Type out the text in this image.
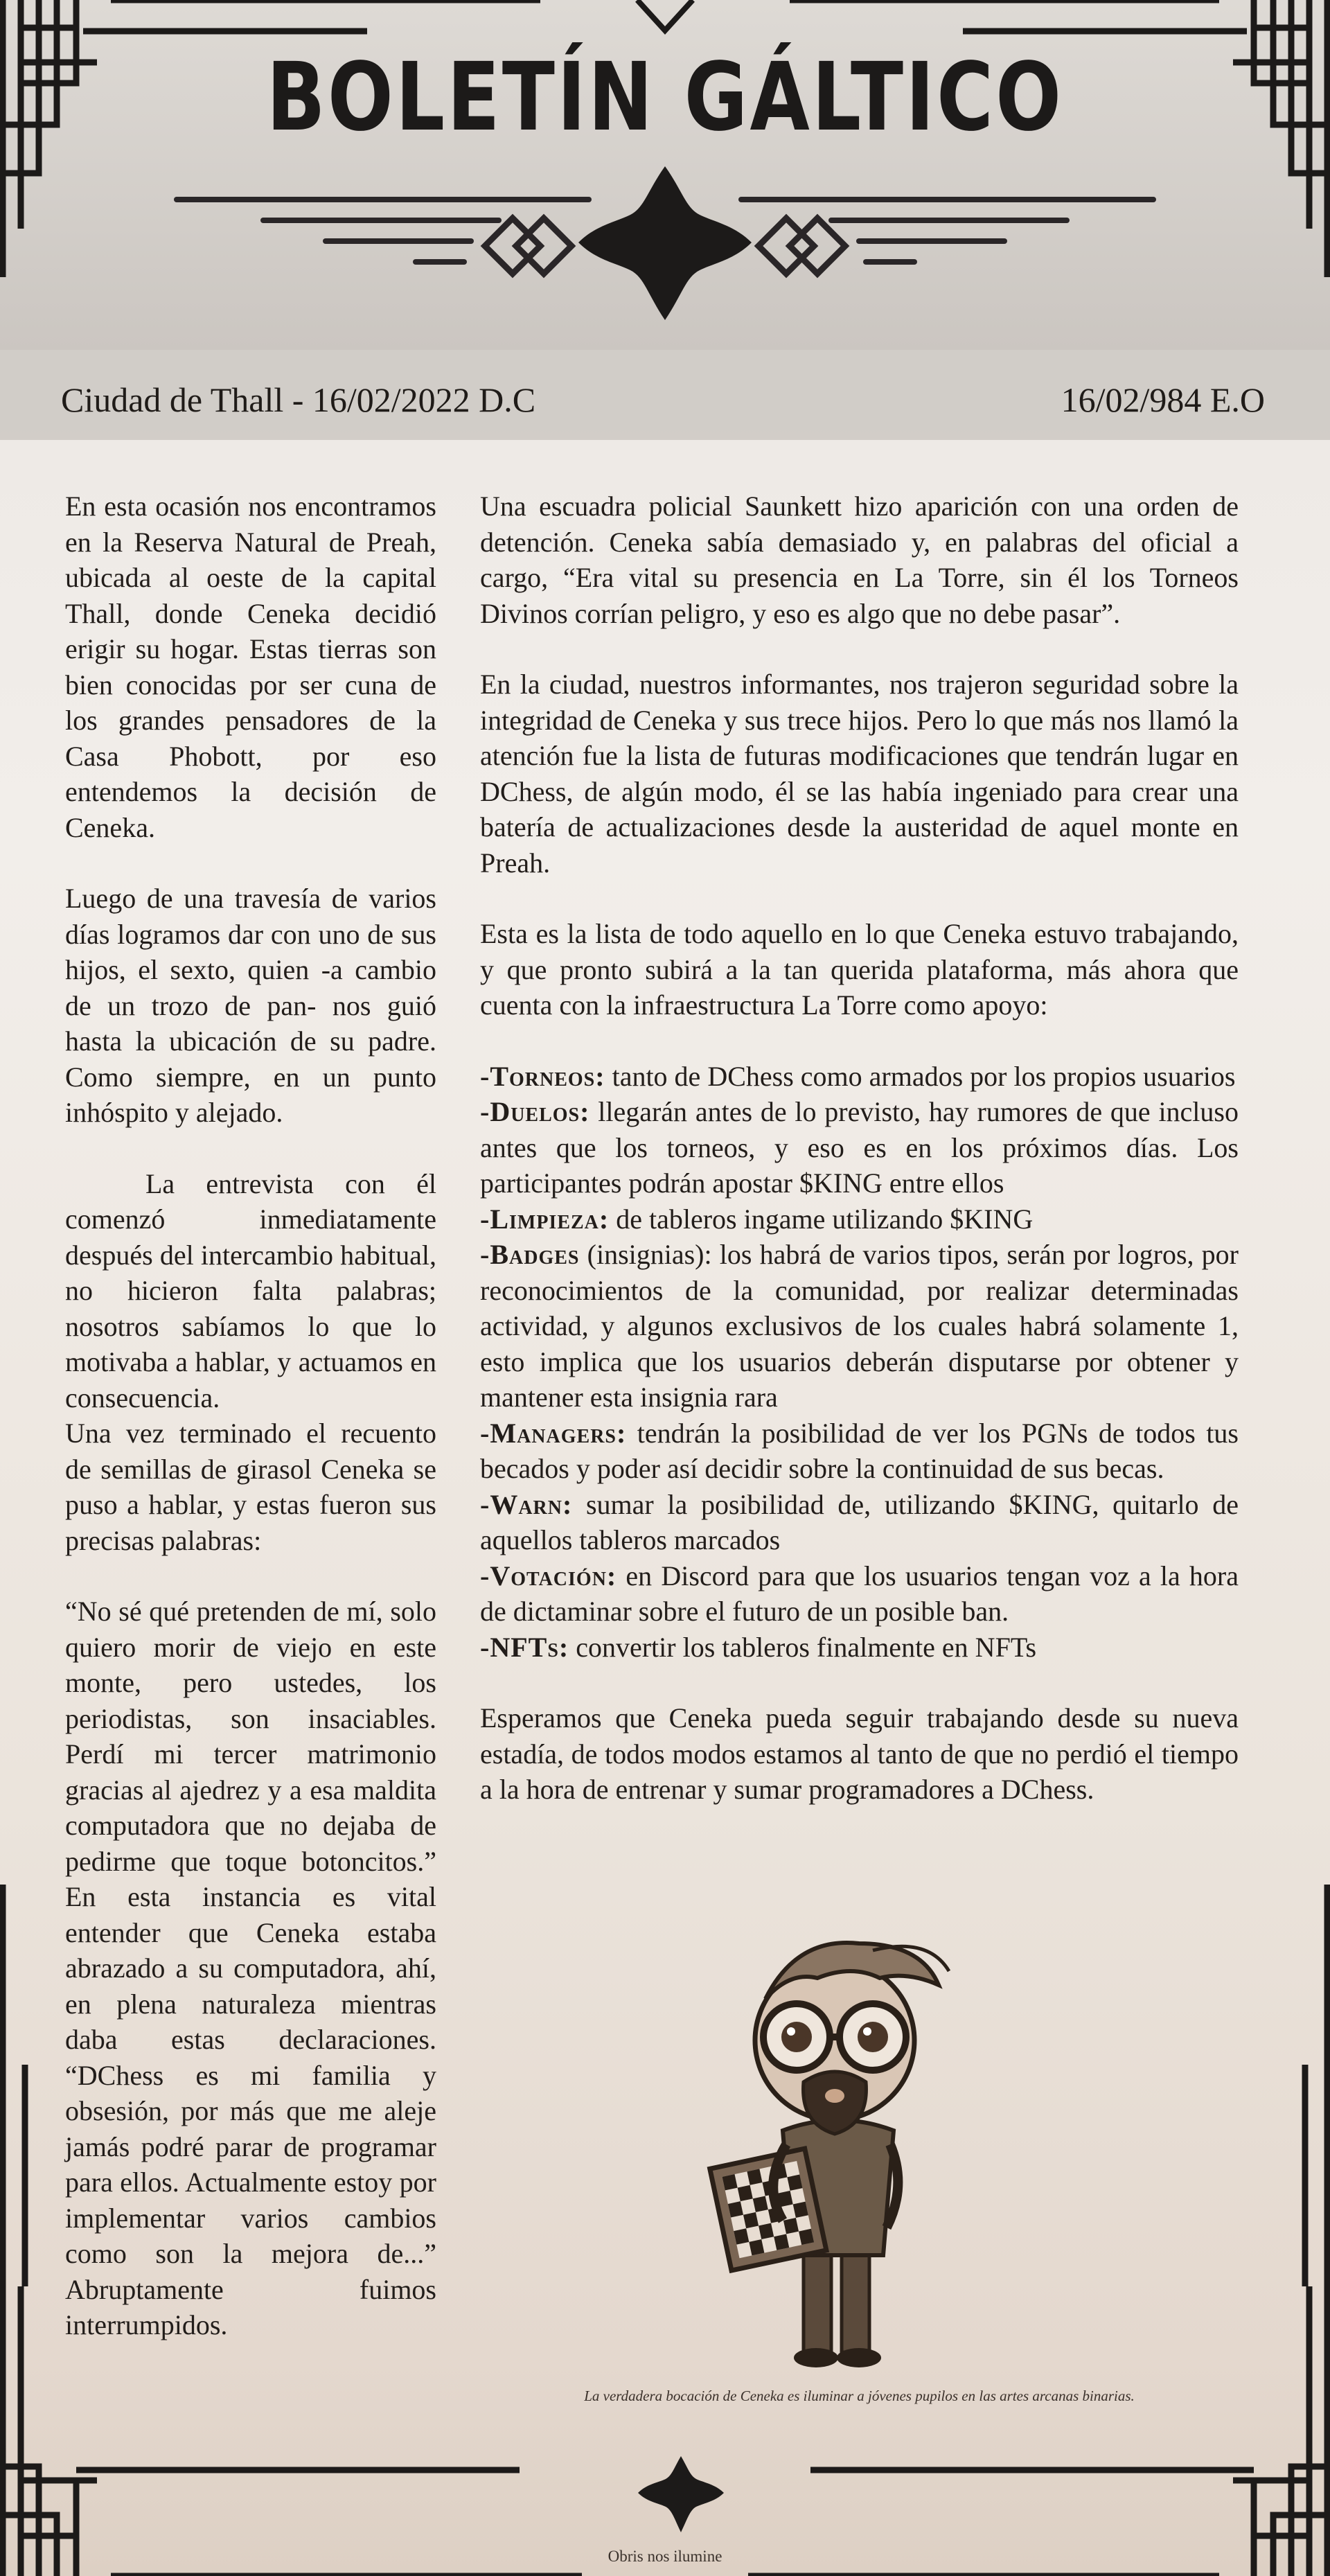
BOLETÍN GÁLTICO
Ciudad de Thall - 16/02/2022 D.C	16/02/984 E.O

En esta ocasión nos encontramos en la Reserva Natural de Preah, ubicada al oeste de la capital Thall, donde Ceneka decidió erigir su hogar. Estas tierras son bien conocidas por ser cuna de los grandes pensadores de la Casa Phobott, por eso entendemos la decisión de Ceneka.

Luego de una travesía de varios días logramos dar con uno de sus hijos, el sexto, quien -a cambio de un trozo de pan- nos guió hasta la ubicación de su padre. Como siempre, en un punto inhóspito y alejado.

La entrevista con él comenzó inmediatamente después del intercambio habitual, no hicieron falta palabras; nosotros sabíamos lo que lo motivaba a hablar, y actuamos en consecuencia.

Una vez terminado el recuento de semillas de girasol Ceneka se puso a hablar, y estas fueron sus precisas palabras:

“No sé qué pretenden de mí, solo quiero morir de viejo en este monte, pero ustedes, los periodistas, son insaciables. Perdí mi tercer matrimonio gracias al ajedrez y a esa maldita computadora que no dejaba de pedirme que toque botoncitos.” En esta instancia es vital entender que Ceneka estaba abrazado a su computadora, ahí, en plena naturaleza mientras daba estas declaraciones. “DChess es mi familia y obsesión, por más que me aleje jamás podré parar de programar para ellos. Actualmente estoy por implementar varios cambios como son la mejora de...” Abruptamente fuimos interrumpidos.

Una escuadra policial Saunkett hizo aparición con una orden de detención. Ceneka sabía demasiado y, en palabras del oficial a cargo, “Era vital su presencia en La Torre, sin él los Torneos Divinos corrían peligro, y eso es algo que no debe pasar”.

En la ciudad, nuestros informantes, nos trajeron seguridad sobre la integridad de Ceneka y sus trece hijos. Pero lo que más nos llamó la atención fue la lista de futuras modificaciones que tendrán lugar en DChess, de algún modo, él se las había ingeniado para crear una batería de actualizaciones desde la austeridad de aquel monte en Preah.

Esta es la lista de todo aquello en lo que Ceneka estuvo trabajando, y que pronto subirá a la tan querida plataforma, más ahora que cuenta con la infraestructura La Torre como apoyo:

-Torneos: tanto de DChess como armados por los propios usuarios

-Duelos: llegarán antes de lo previsto, hay rumores de que incluso antes que los torneos, y eso es en los próximos días. Los participantes podrán apostar $KING entre ellos

-Limpieza: de tableros ingame utilizando $KING

-Badges (insignias): los habrá de varios tipos, serán por logros, por reconocimientos de la comunidad, por realizar determinadas actividad, y algunos exclusivos de los cuales habrá solamente 1, esto implica que los usuarios deberán disputarse por obtener y mantener esta insignia rara

-Managers: tendrán la posibilidad de ver los PGNs de todos tus becados y poder así decidir sobre la continuidad de sus becas.

-Warn: sumar la posibilidad de, utilizando $KING, quitarlo de aquellos tableros marcados

-Votación: en Discord para que los usuarios tengan voz a la hora de dictaminar sobre el futuro de un posible ban.

-NFTs: convertir los tableros finalmente en NFTs

Esperamos que Ceneka pueda seguir trabajando desde su nueva estadía, de todos modos estamos al tanto de que no perdió el tiempo a la hora de entrenar y sumar programadores a DChess.

La verdadera bocación de Ceneka es iluminar a jóvenes pupilos en las artes arcanas binarias.
Obris nos ilumine
